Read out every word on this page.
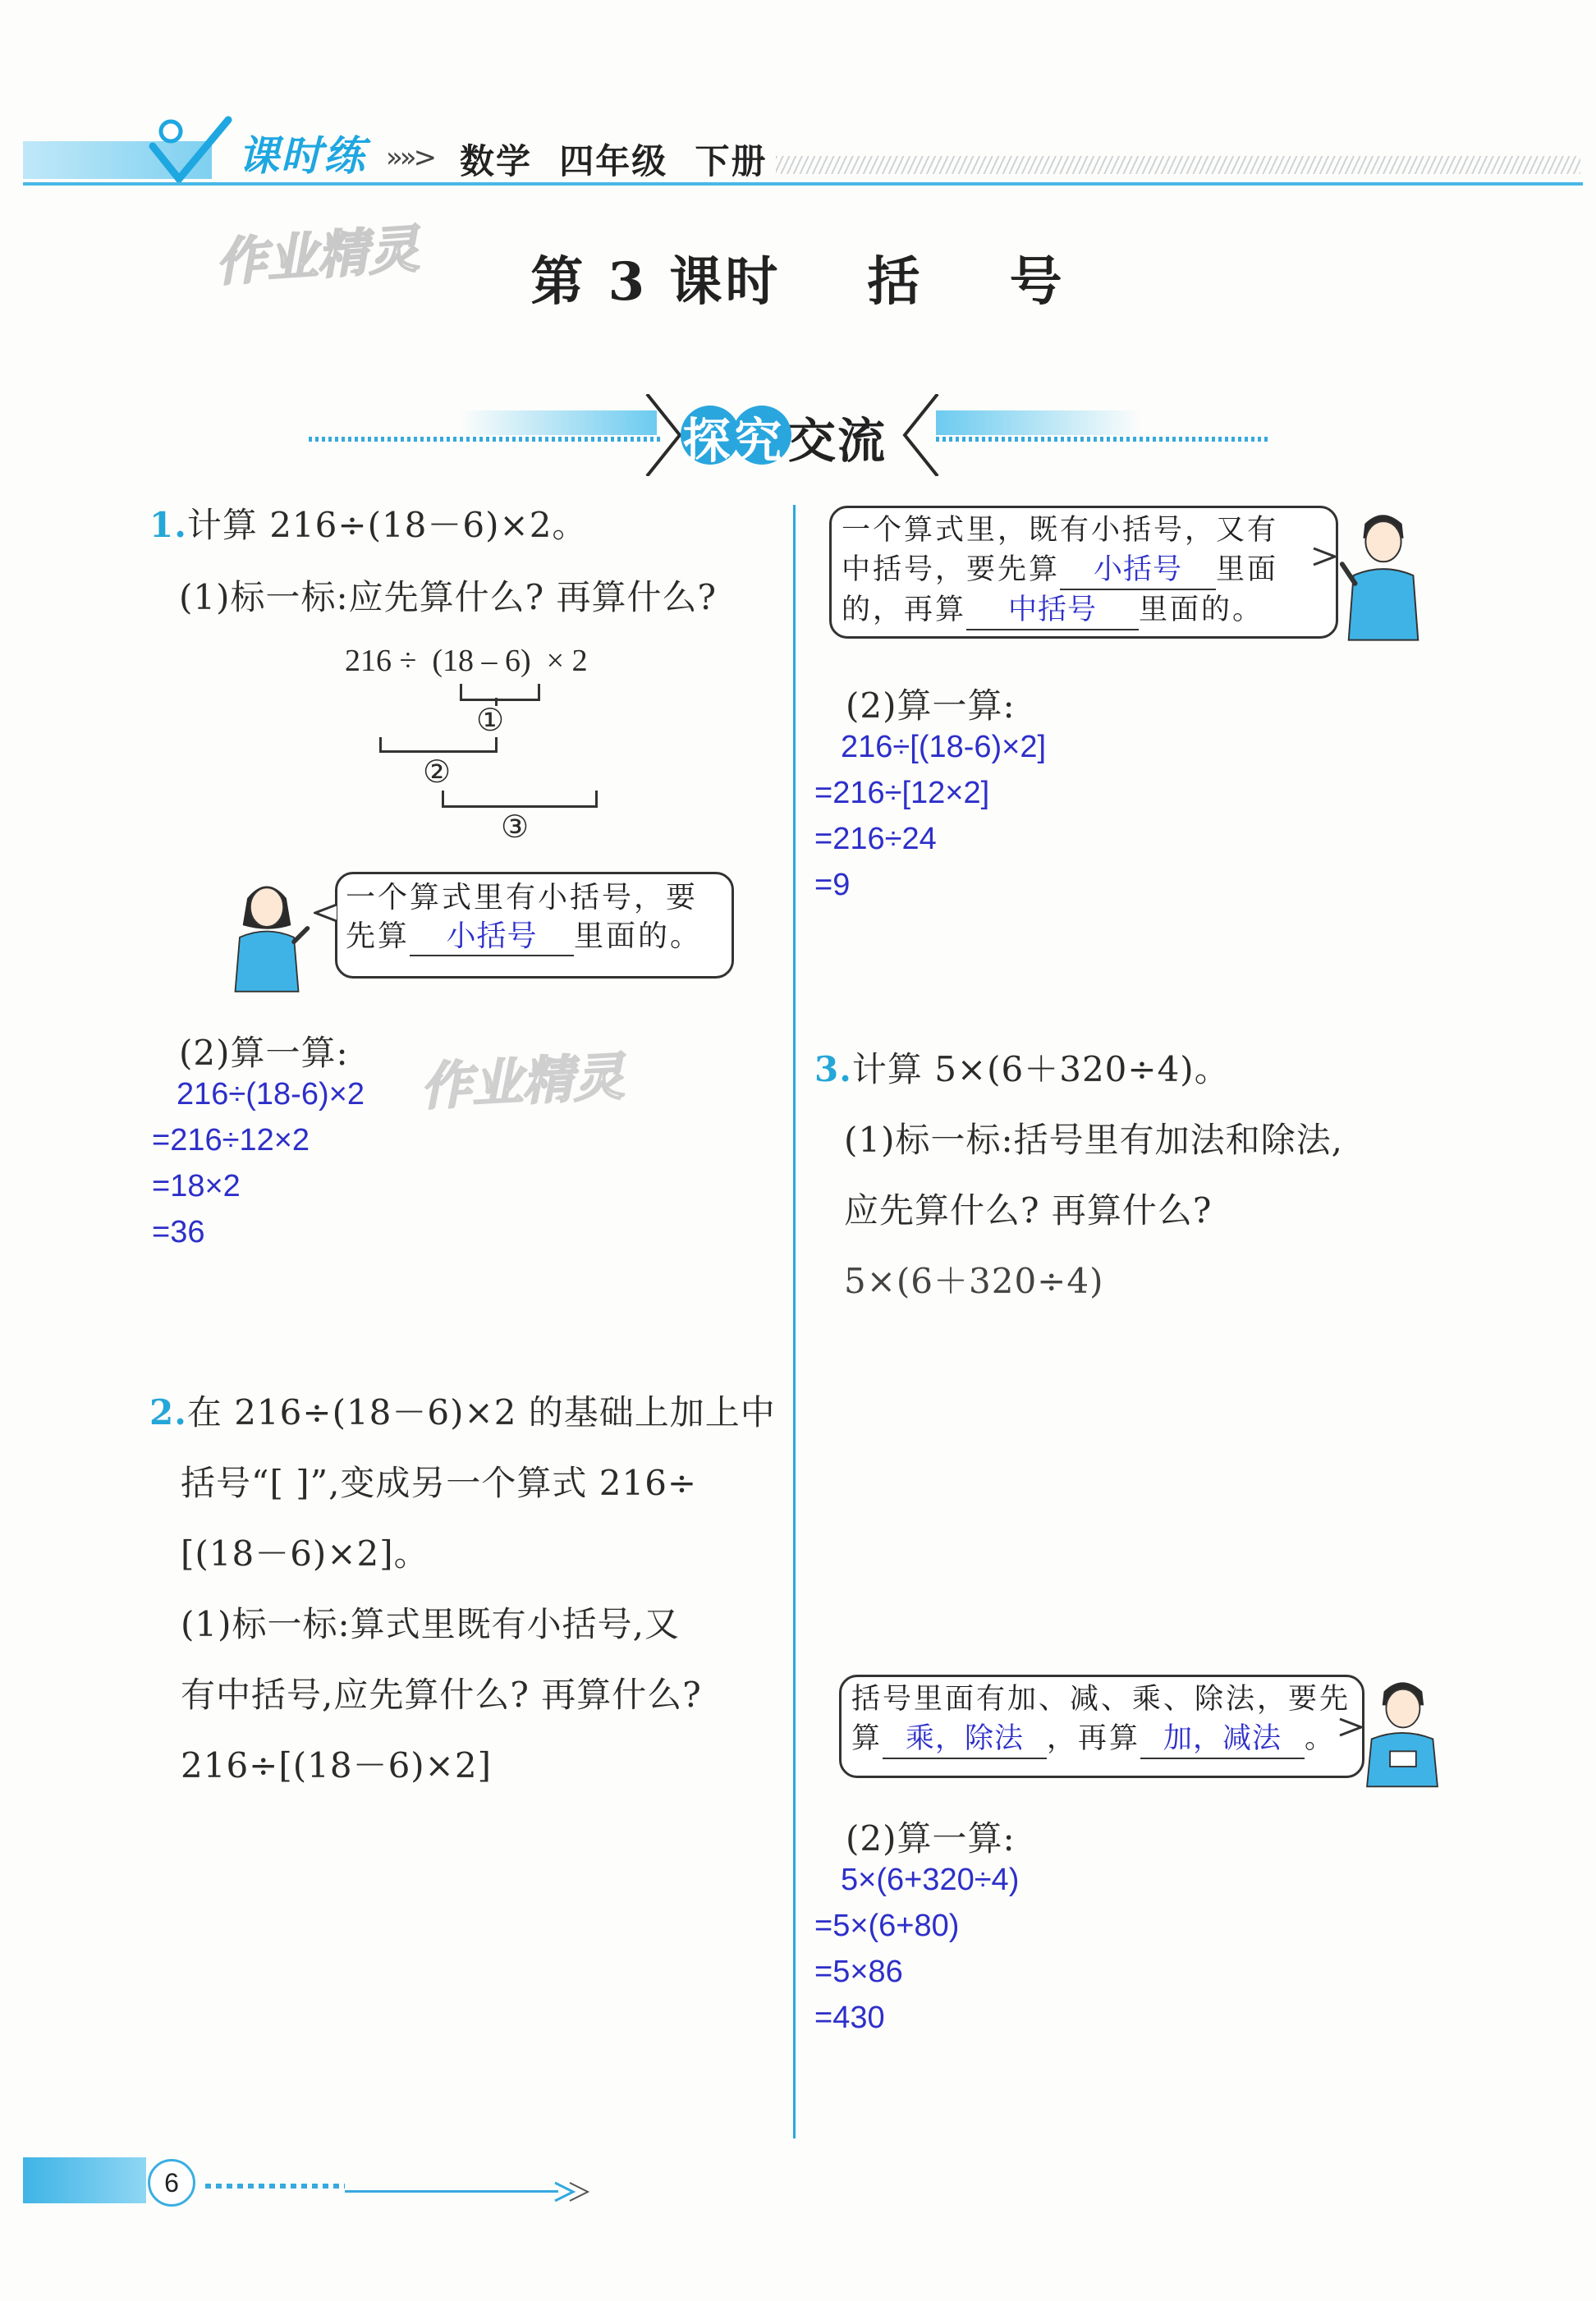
课时练 »»> 数学  四年级  下册
作业精灵	第 3 课时    括    号
探究交流
1.计算 216÷(18－6)×2。
(1)标一标:应先算什么? 再算什么?
216 ÷  (18 – 6)  × 2
①
②
③
一个算式里有小括号，要
先算 小括号 里面的。
(2)算一算: 作业精灵
216÷(18-6)×2
=216÷12×2
=18×2
=36
2.在 216÷(18－6)×2 的基础上加上中
括号“[ ]”,变成另一个算式 216÷
[(18－6)×2]。
(1)标一标:算式里既有小括号,又
有中括号,应先算什么? 再算什么?
216÷[(18－6)×2]
一个算式里，既有小括号，又有
中括号，要先算 小括号 里面
的，再算 中括号 里面的。
(2)算一算:
216÷[(18-6)×2]
=216÷[12×2]
=216÷24
=9
3.计算 5×(6＋320÷4)。
(1)标一标:括号里有加法和除法,
应先算什么? 再算什么?
5×(6＋320÷4)
括号里面有加、减、乘、除法，要先
算 乘，除法 ，再算 加，减法 。
(2)算一算:
5×(6+320÷4)
=5×(6+80)
=5×86
=430
6
